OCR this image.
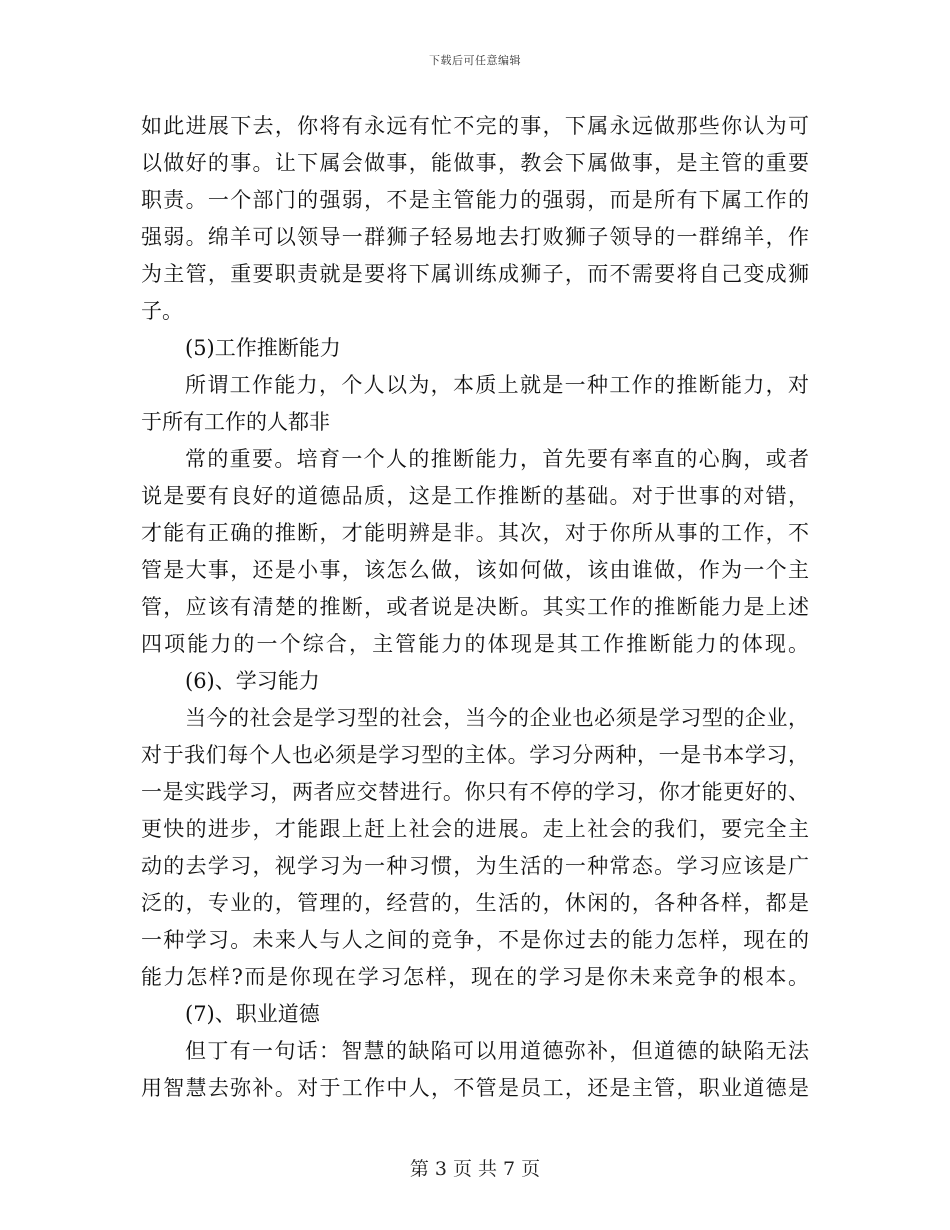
下载后可任意编辑
如此进展下去，你将有永远有忙不完的事，下属永远做那些你认为可
以做好的事。让下属会做事，能做事，教会下属做事，是主管的重要
职责。一个部门的强弱，不是主管能力的强弱，而是所有下属工作的
强弱。绵羊可以领导一群狮子轻易地去打败狮子领导的一群绵羊，作
为主管，重要职责就是要将下属训练成狮子，而不需要将自己变成狮
子。
(5)工作推断能力
所谓工作能力，个人以为，本质上就是一种工作的推断能力，对
于所有工作的人都非
常的重要。培育一个人的推断能力，首先要有率直的心胸，或者
说是要有良好的道德品质，这是工作推断的基础。对于世事的对错，
才能有正确的推断，才能明辨是非。其次，对于你所从事的工作，不
管是大事，还是小事，该怎么做，该如何做，该由谁做，作为一个主
管，应该有清楚的推断，或者说是决断。其实工作的推断能力是上述
四项能力的一个综合，主管能力的体现是其工作推断能力的体现。
(6)、学习能力
当今的社会是学习型的社会，当今的企业也必须是学习型的企业，
对于我们每个人也必须是学习型的主体。学习分两种，一是书本学习，
一是实践学习，两者应交替进行。你只有不停的学习，你才能更好的、
更快的进步，才能跟上赶上社会的进展。走上社会的我们，要完全主
动的去学习，视学习为一种习惯，为生活的一种常态。学习应该是广
泛的，专业的，管理的，经营的，生活的，休闲的，各种各样，都是
一种学习。未来人与人之间的竞争，不是你过去的能力怎样，现在的
能力怎样?而是你现在学习怎样，现在的学习是你未来竞争的根本。
(7)、职业道德
但丁有一句话：智慧的缺陷可以用道德弥补，但道德的缺陷无法
用智慧去弥补。对于工作中人，不管是员工，还是主管，职业道德是
第 3 页 共 7 页
